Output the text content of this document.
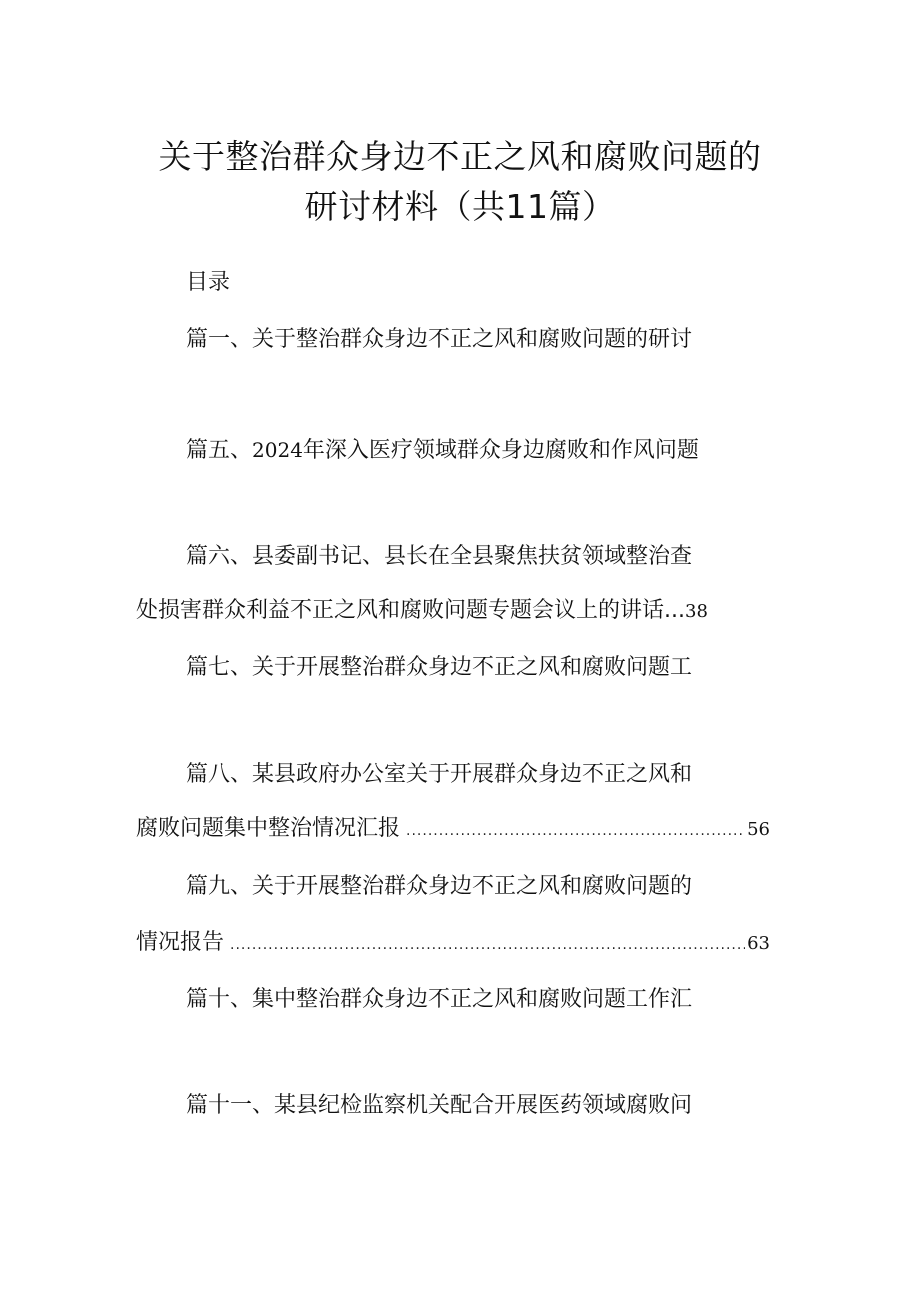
关于整治群众身边不正之风和腐败问题的
研讨材料（共11篇）
目录
篇一、关于整治群众身边不正之风和腐败问题的研讨
篇五、2024年深入医疗领域群众身边腐败和作风问题
篇六、县委副书记、县长在全县聚焦扶贫领域整治查
处损害群众利益不正之风和腐败问题专题会议上的讲话...38
篇七、关于开展整治群众身边不正之风和腐败问题工
篇八、某县政府办公室关于开展群众身边不正之风和
腐败问题集中整治情况汇报 .....	56
篇九、关于开展整治群众身边不正之风和腐败问题的
情况报告 .....	63
篇十、集中整治群众身边不正之风和腐败问题工作汇
篇十一、某县纪检监察机关配合开展医药领域腐败问
